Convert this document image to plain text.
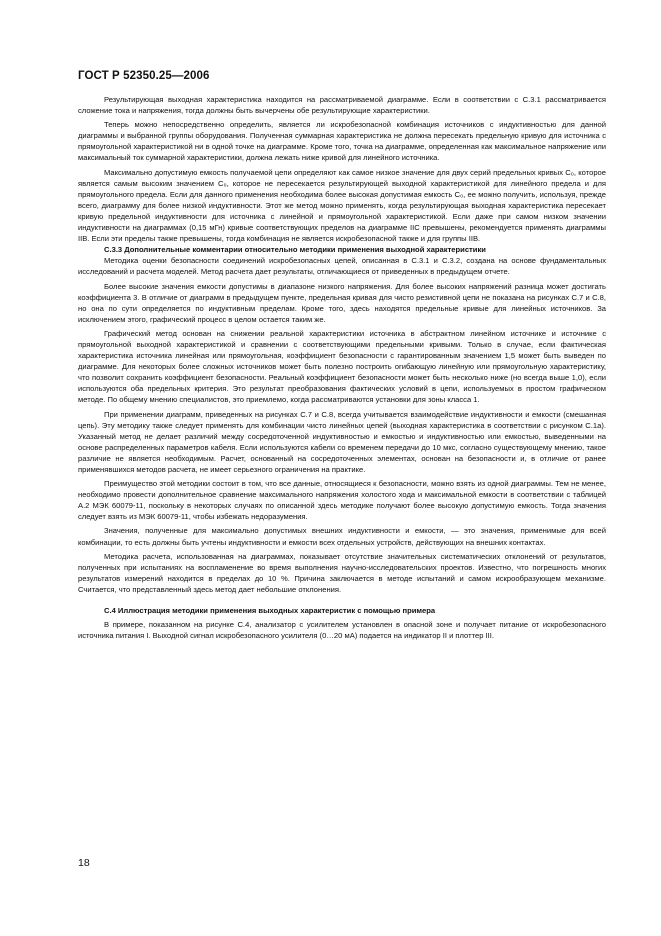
ГОСТ Р 52350.25—2006

Результирующая выходная характеристика находится на рассматриваемой диаграмме. Если в соответствии с С.3.1 рассматривается сложение тока и напряжения, тогда должны быть вычерчены обе результирующие характеристики.

Теперь можно непосредственно определить, является ли искробезопасной комбинация источников с индуктивностью для данной диаграммы и выбранной группы оборудования. Полученная суммарная характеристика не должна пересекать предельную кривую для источника с прямоугольной характеристикой ни в одной точке на диаграмме. Кроме того, точка на диаграмме, определенная как максимальное напряжение или максимальный ток суммарной характеристики, должна лежать ниже кривой для линейного источника.

Максимально допустимую емкость получаемой цепи определяют как самое низкое значение для двух серий предельных кривых C₀, которое является самым высоким значением C₀, которое не пересекается результирующей выходной характеристикой для линейного предела и для прямоугольного предела. Если для данного применения необходима более высокая допустимая емкость C₀, ее можно получить, используя, прежде всего, диаграмму для более низкой индуктивности. Этот же метод можно применять, когда результирующая выходная характеристика пересекает кривую предельной индуктивности для источника с линейной и прямоугольной характеристикой. Если даже при самом низком значении индуктивности на диаграммах (0,15 мГн) кривые соответствующих пределов на диаграмме IIС превышены, рекомендуется применять диаграммы IIВ. Если эти пределы также превышены, тогда комбинация не является искробезопасной также и для группы IIВ.

С.3.3 Дополнительные комментарии относительно методики применения выходной характеристики

Методика оценки безопасности соединений искробезопасных цепей, описанная в С.3.1 и С.3.2, создана на основе фундаментальных исследований и расчета моделей. Метод расчета дает результаты, отличающиеся от приведенных в предыдущем отчете.

Более высокие значения емкости допустимы в диапазоне низкого напряжения. Для более высоких напряжений разница может достигать коэффициента 3. В отличие от диаграмм в предыдущем пункте, предельная кривая для чисто резистивной цепи не показана на рисунках С.7 и С.8, но она по сути определяется по индуктивным пределам. Кроме того, здесь находятся предельные кривые для линейных источников. За исключением этого, графический процесс в целом остается таким же.

Графический метод основан на снижении реальной характеристики источника в абстрактном линейном источнике и источнике с прямоугольной выходной характеристикой и сравнении с соответствующими предельными кривыми. Только в случае, если фактическая характеристика источника линейная или прямоугольная, коэффициент безопасности с гарантированным значением 1,5 может быть выведен по диаграмме. Для некоторых более сложных источников может быть полезно построить огибающую линейную или прямоугольную характеристику, что позволит сохранить коэффициент безопасности. Реальный коэффициент безопасности может быть несколько ниже (но всегда выше 1,0), если используются оба предельных критерия. Это результат преобразования фактических условий в цепи, используемых в простом графическом методе. По общему мнению специалистов, это приемлемо, когда рассматриваются установки для зоны класса 1.

При применении диаграмм, приведенных на рисунках С.7 и С.8, всегда учитывается взаимодействие индуктивности и емкости (смешанная цепь). Эту методику также следует применять для комбинации чисто линейных цепей (выходная характеристика в соответствии с рисунком С.1а). Указанный метод не делает различий между сосредоточенной индуктивностью и емкостью и индуктивностью или емкостью, выведенными на основе распределенных параметров кабеля. Если используются кабели со временем передачи до 10 мкс, согласно существующему мнению, такое различие не является необходимым. Расчет, основанный на сосредоточенных элементах, основан на безопасности и, в отличие от ранее применявшихся методов расчета, не имеет серьезного ограничения на практике.

Преимущество этой методики состоит в том, что все данные, относящиеся к безопасности, можно взять из одной диаграммы. Тем не менее, необходимо провести дополнительное сравнение максимального напряжения холостого хода и максимальной емкости в соответствии с таблицей А.2 МЭК 60079-11, поскольку в некоторых случаях по описанной здесь методике получают более высокую допустимую емкость. Тогда значения следует взять из МЭК 60079-11, чтобы избежать недоразумения.

Значения, полученные для максимально допустимых внешних индуктивности и емкости, — это значения, применимые для всей комбинации, то есть должны быть учтены индуктивности и емкости всех отдельных устройств, действующих на внешних контактах.

Методика расчета, использованная на диаграммах, показывает отсутствие значительных систематических отклонений от результатов, полученных при испытаниях на воспламенение во время выполнения научно-исследовательских проектов. Известно, что погрешность многих результатов измерений находится в пределах до 10 %. Причина заключается в методе испытаний и самом искрообразующем механизме. Считается, что представленный здесь метод дает небольшие отклонения.

С.4 Иллюстрация методики применения выходных характеристик с помощью примера

В примере, показанном на рисунке С.4, анализатор с усилителем установлен в опасной зоне и получает питание от искробезопасного источника питания I. Выходной сигнал искробезопасного усилителя (0…20 мА) подается на индикатор II и плоттер III.

18
